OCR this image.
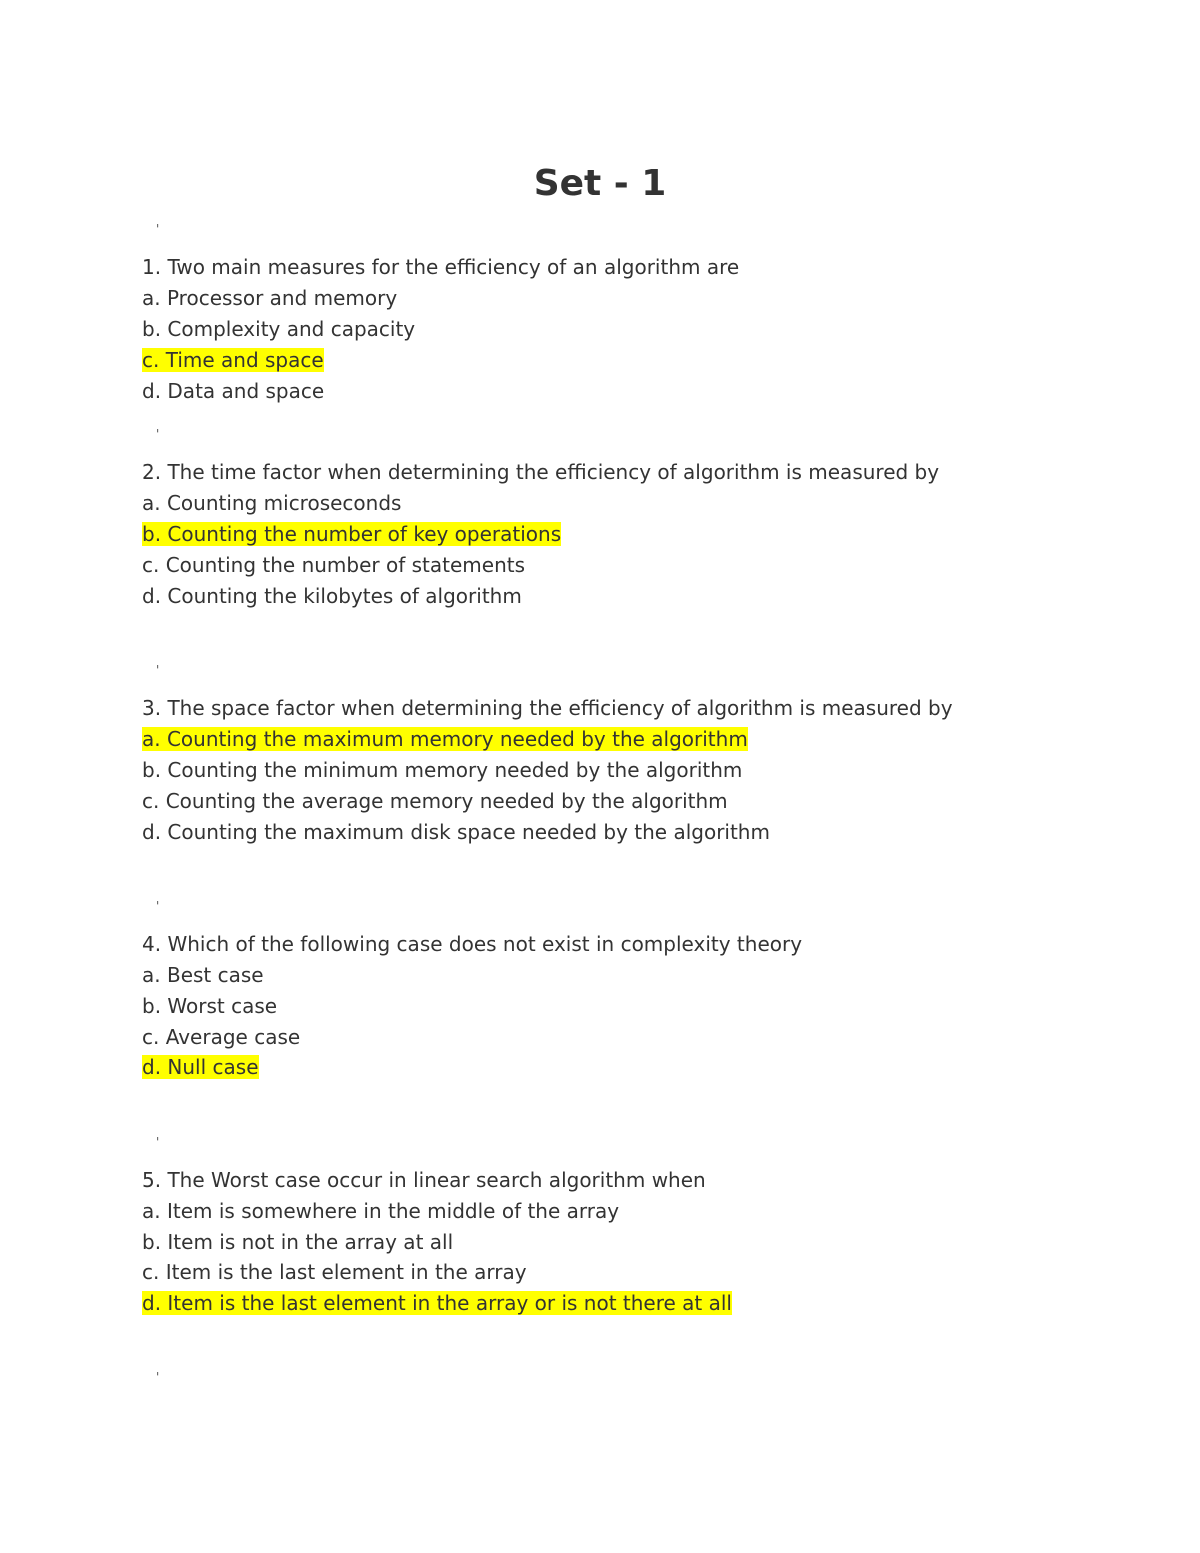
Set - 1
'
1. Two main measures for the efficiency of an algorithm are
a. Processor and memory
b. Complexity and capacity
c. Time and space
d. Data and space
'
2. The time factor when determining the efficiency of algorithm is measured by
a. Counting microseconds
b. Counting the number of key operations
c. Counting the number of statements
d. Counting the kilobytes of algorithm
'
3. The space factor when determining the efficiency of algorithm is measured by
a. Counting the maximum memory needed by the algorithm
b. Counting the minimum memory needed by the algorithm
c. Counting the average memory needed by the algorithm
d. Counting the maximum disk space needed by the algorithm
'
4. Which of the following case does not exist in complexity theory
a. Best case
b. Worst case
c. Average case
d. Null case
'
5. The Worst case occur in linear search algorithm when
a. Item is somewhere in the middle of the array
b. Item is not in the array at all
c. Item is the last element in the array
d. Item is the last element in the array or is not there at all
'
